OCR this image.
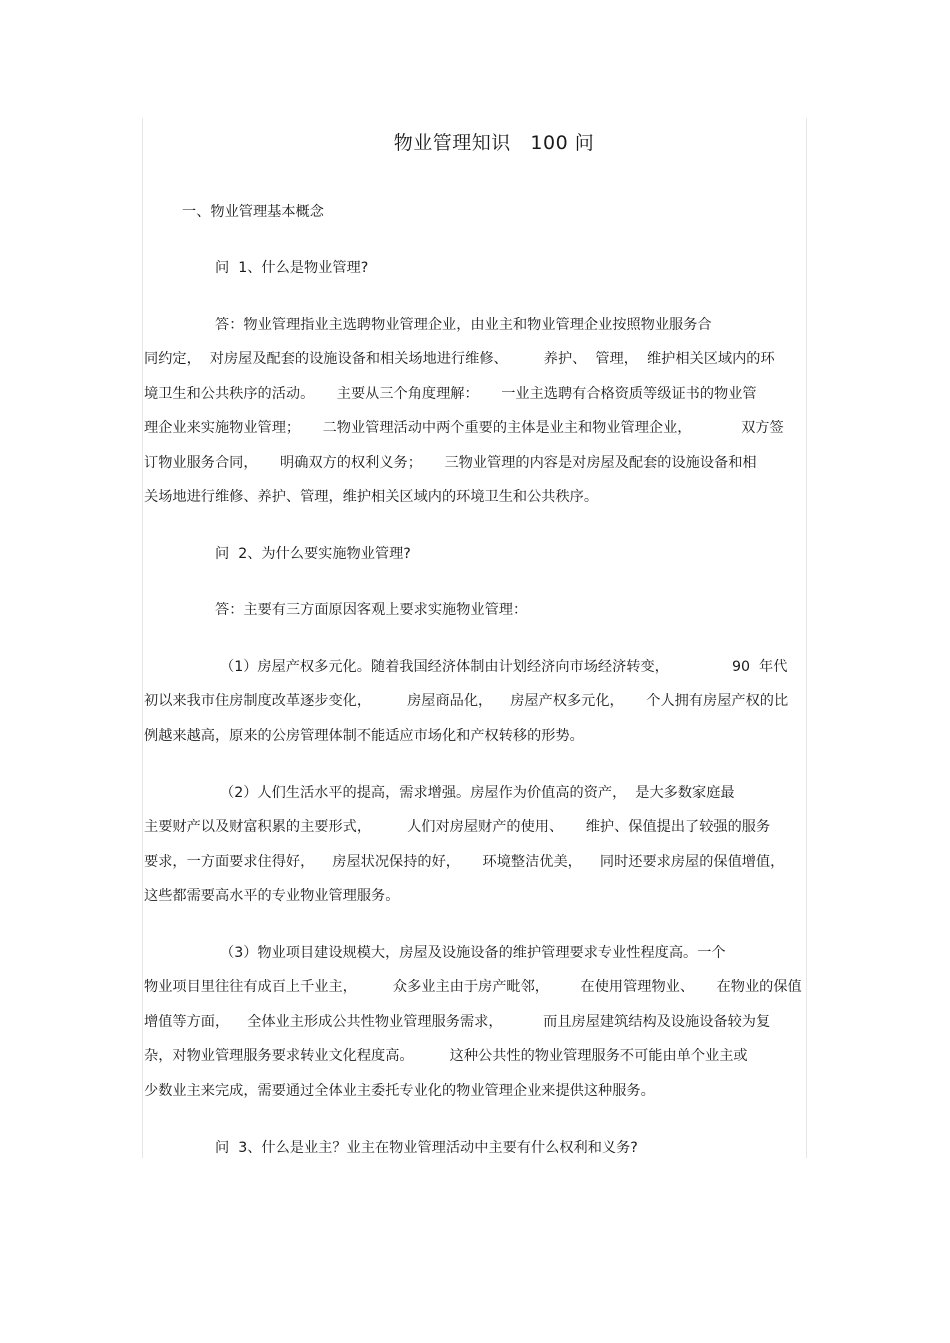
物业管理知识   100 问
一、物业管理基本概念
问  1、什么是物业管理?
答：物业管理指业主选聘物业管理企业，由业主和物业管理企业按照物业服务合
同约定，  对房屋及配套的设施设备和相关场地进行维修、        养护、  管理，  维护相关区域内的环
境卫生和公共秩序的活动。     主要从三个角度理解：     一业主选聘有合格资质等级证书的物业管
理企业来实施物业管理；     二物业管理活动中两个重要的主体是业主和物业管理企业，           双方签
订物业服务合同，     明确双方的权利义务；     三物业管理的内容是对房屋及配套的设施设备和相
关场地进行维修、养护、管理，维护相关区域内的环境卫生和公共秩序。
问  2、为什么要实施物业管理?
答：主要有三方面原因客观上要求实施物业管理：
（1）房屋产权多元化。随着我国经济体制由计划经济向市场经济转变，              90  年代
初以来我市住房制度改革逐步变化，        房屋商品化，    房屋产权多元化，     个人拥有房屋产权的比
例越来越高，原来的公房管理体制不能适应市场化和产权转移的形势。
（2）人们生活水平的提高，需求增强。房屋作为价值高的资产，  是大多数家庭最
主要财产以及财富积累的主要形式，        人们对房屋财产的使用、     维护、保值提出了较强的服务
要求，一方面要求住得好，    房屋状况保持的好，     环境整洁优美，    同时还要求房屋的保值增值，
这些都需要高水平的专业物业管理服务。
（3）物业项目建设规模大，房屋及设施设备的维护管理要求专业性程度高。一个
物业项目里往往有成百上千业主，        众多业主由于房产毗邻，       在使用管理物业、     在物业的保值
增值等方面，    全体业主形成公共性物业管理服务需求，         而且房屋建筑结构及设施设备较为复
杂，对物业管理服务要求转业文化程度高。        这种公共性的物业管理服务不可能由单个业主或
少数业主来完成，需要通过全体业主委托专业化的物业管理企业来提供这种服务。
问  3、什么是业主？业主在物业管理活动中主要有什么权利和义务?
